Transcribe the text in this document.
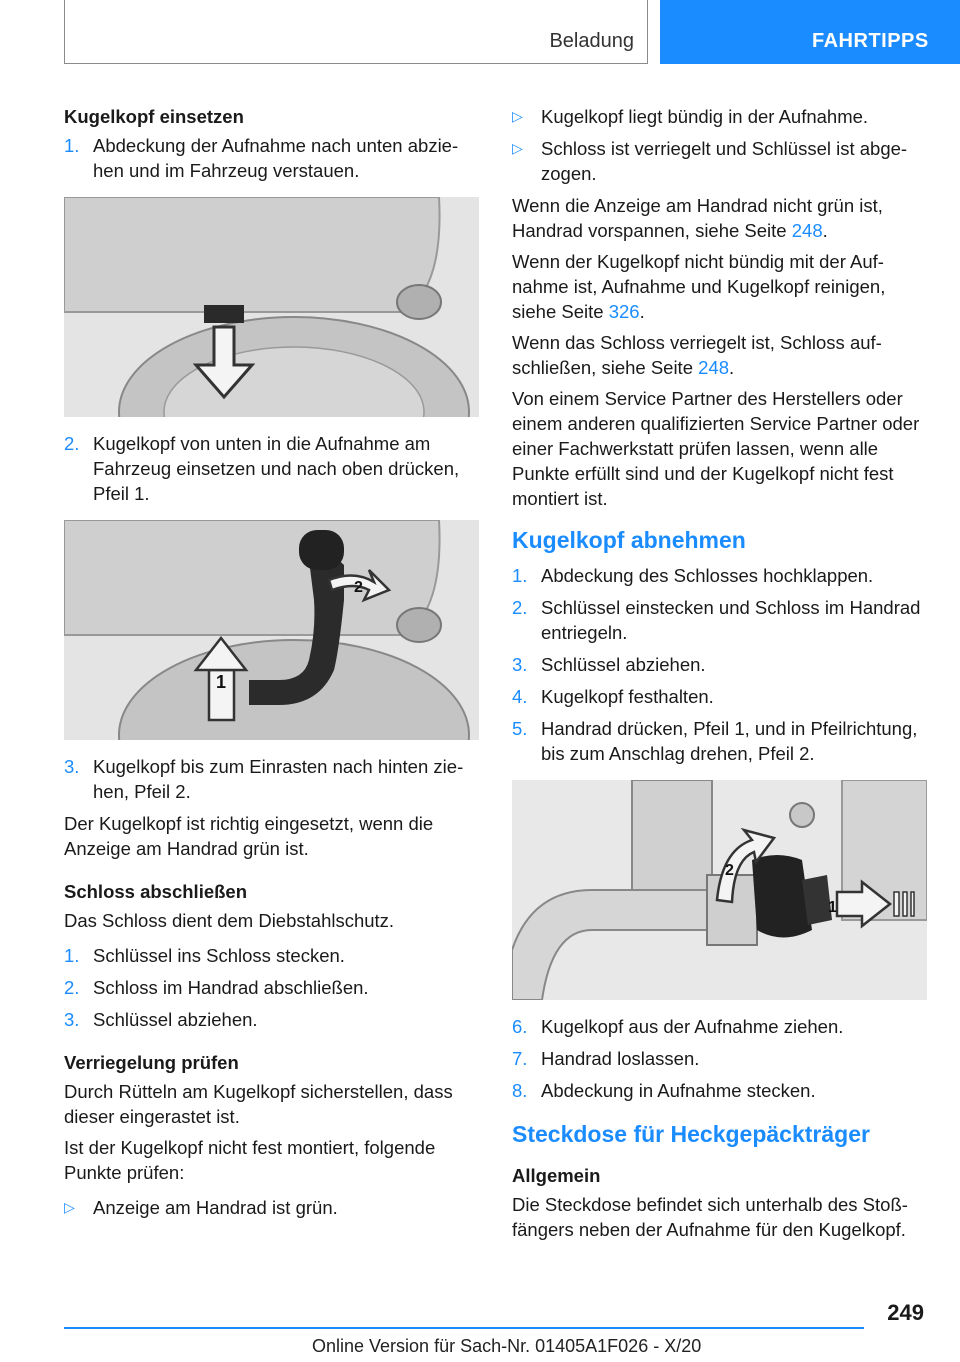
Beladung	FAHRTIPPS
Kugelkopf einsetzen
1. Abdeckung der Aufnahme nach unten abziehen und im Fahrzeug verstauen.
2. Kugelkopf von unten in die Aufnahme am Fahrzeug einsetzen und nach oben drücken, Pfeil 1.
1
2
3. Kugelkopf bis zum Einrasten nach hinten ziehen, Pfeil 2.
Der Kugelkopf ist richtig eingesetzt, wenn die Anzeige am Handrad grün ist.
Schloss abschließen
Das Schloss dient dem Diebstahlschutz.
1. Schlüssel ins Schloss stecken.
2. Schloss im Handrad abschließen.
3. Schlüssel abziehen.
Verriegelung prüfen
Durch Rütteln am Kugelkopf sicherstellen, dass dieser eingerastet ist.
Ist der Kugelkopf nicht fest montiert, folgende Punkte prüfen:
▷ Anzeige am Handrad ist grün.
▷ Kugelkopf liegt bündig in der Aufnahme.
▷ Schloss ist verriegelt und Schlüssel ist abgezogen.
Wenn die Anzeige am Handrad nicht grün ist, Handrad vorspannen, siehe Seite 248.
Wenn der Kugelkopf nicht bündig mit der Aufnahme ist, Aufnahme und Kugelkopf reinigen, siehe Seite 326.
Wenn das Schloss verriegelt ist, Schloss aufschließen, siehe Seite 248.
Von einem Service Partner des Herstellers oder einem anderen qualifizierten Service Partner oder einer Fachwerkstatt prüfen lassen, wenn alle Punkte erfüllt sind und der Kugelkopf nicht fest montiert ist.
Kugelkopf abnehmen
1. Abdeckung des Schlosses hochklappen.
2. Schlüssel einstecken und Schloss im Handrad entriegeln.
3. Schlüssel abziehen.
4. Kugelkopf festhalten.
5. Handrad drücken, Pfeil 1, und in Pfeilrichtung, bis zum Anschlag drehen, Pfeil 2.
1
2
6. Kugelkopf aus der Aufnahme ziehen.
7. Handrad loslassen.
8. Abdeckung in Aufnahme stecken.
Steckdose für Heckgepäckträger
Allgemein
Die Steckdose befindet sich unterhalb des Stoßfängers neben der Aufnahme für den Kugelkopf.
249
Online Version für Sach-Nr. 01405A1F026 - X/20
